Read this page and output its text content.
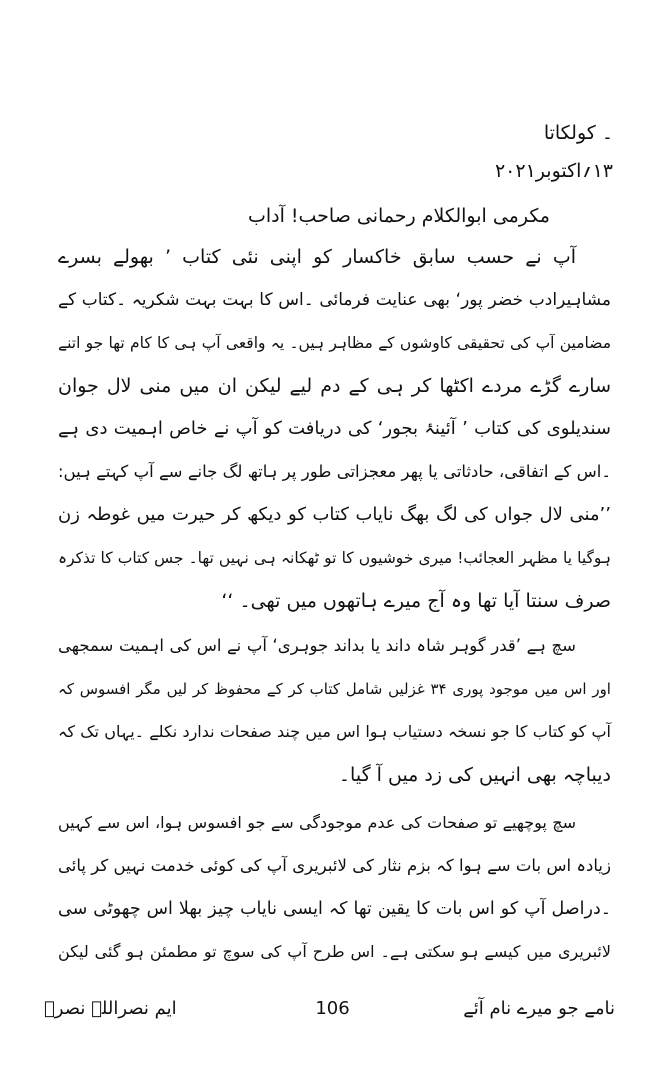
۔ کولکاتا
۱۳؍اکتوبر۲۰۲۱
مکرمی ابوالکلام رحمانی صاحب! آداب
آپ نے حسب سابق خاکسار کو اپنی نئی کتاب ’ بھولے بسرے
مشاہیرادب خضر پور‘ بھی عنایت فرمائی ۔اس کا بہت بہت شکریہ ۔کتاب کے
مضامین آپ کی تحقیقی کاوشوں کے مظاہر ہیں۔ یہ واقعی آپ ہی کا کام تھا جو اتنے
سارے گڑے مردے اکٹھا کر ہی کے دم لیے لیکن ان میں منی لال جوان
سندیلوی کی کتاب ’ آئینۂ بجور‘ کی دریافت کو آپ نے خاص اہمیت دی ہے
۔اس کے اتفاقی، حادثاتی یا پھر معجزاتی طور پر ہاتھ لگ جانے سے آپ کہتے ہیں:
’’منی لال جواں کی لگ بھگ نایاب کتاب کو دیکھ کر حیرت میں غوطہ زن
ہوگیا یا مظہر العجائب! میری خوشیوں کا تو ٹھکانہ ہی نہیں تھا۔ جس کتاب کا تذکرہ
صرف سنتا آیا تھا وہ آج میرے ہاتھوں میں تھی۔ ‘‘
سچ ہے ’قدر گوہر شاہ داند یا بداند جوہری‘ آپ نے اس کی اہمیت سمجھی
اور اس میں موجود پوری ۳۴ غزلیں شامل کتاب کر کے محفوظ کر لیں مگر افسوس کہ
آپ کو کتاب کا جو نسخہ دستیاب ہوا اس میں چند صفحات ندارد نکلے ۔یہاں تک کہ
دیباچہ بھی انہیں کی زد میں آ گیا۔
سچ پوچھیے تو صفحات کی عدم موجودگی سے جو افسوس ہوا، اس سے کہیں
زیادہ اس بات سے ہوا کہ بزم نثار کی لائبریری آپ کی کوئی خدمت نہیں کر پائی
۔دراصل آپ کو اس بات کا یقین تھا کہ ایسی نایاب چیز بھلا اس چھوٹی سی
لائبریری میں کیسے ہو سکتی ہے۔ اس طرح آپ کی سوچ تو مطمئن ہو گئی لیکن
ایم نصراللہ نصرؔ	106	نامے جو میرے نام آئے
